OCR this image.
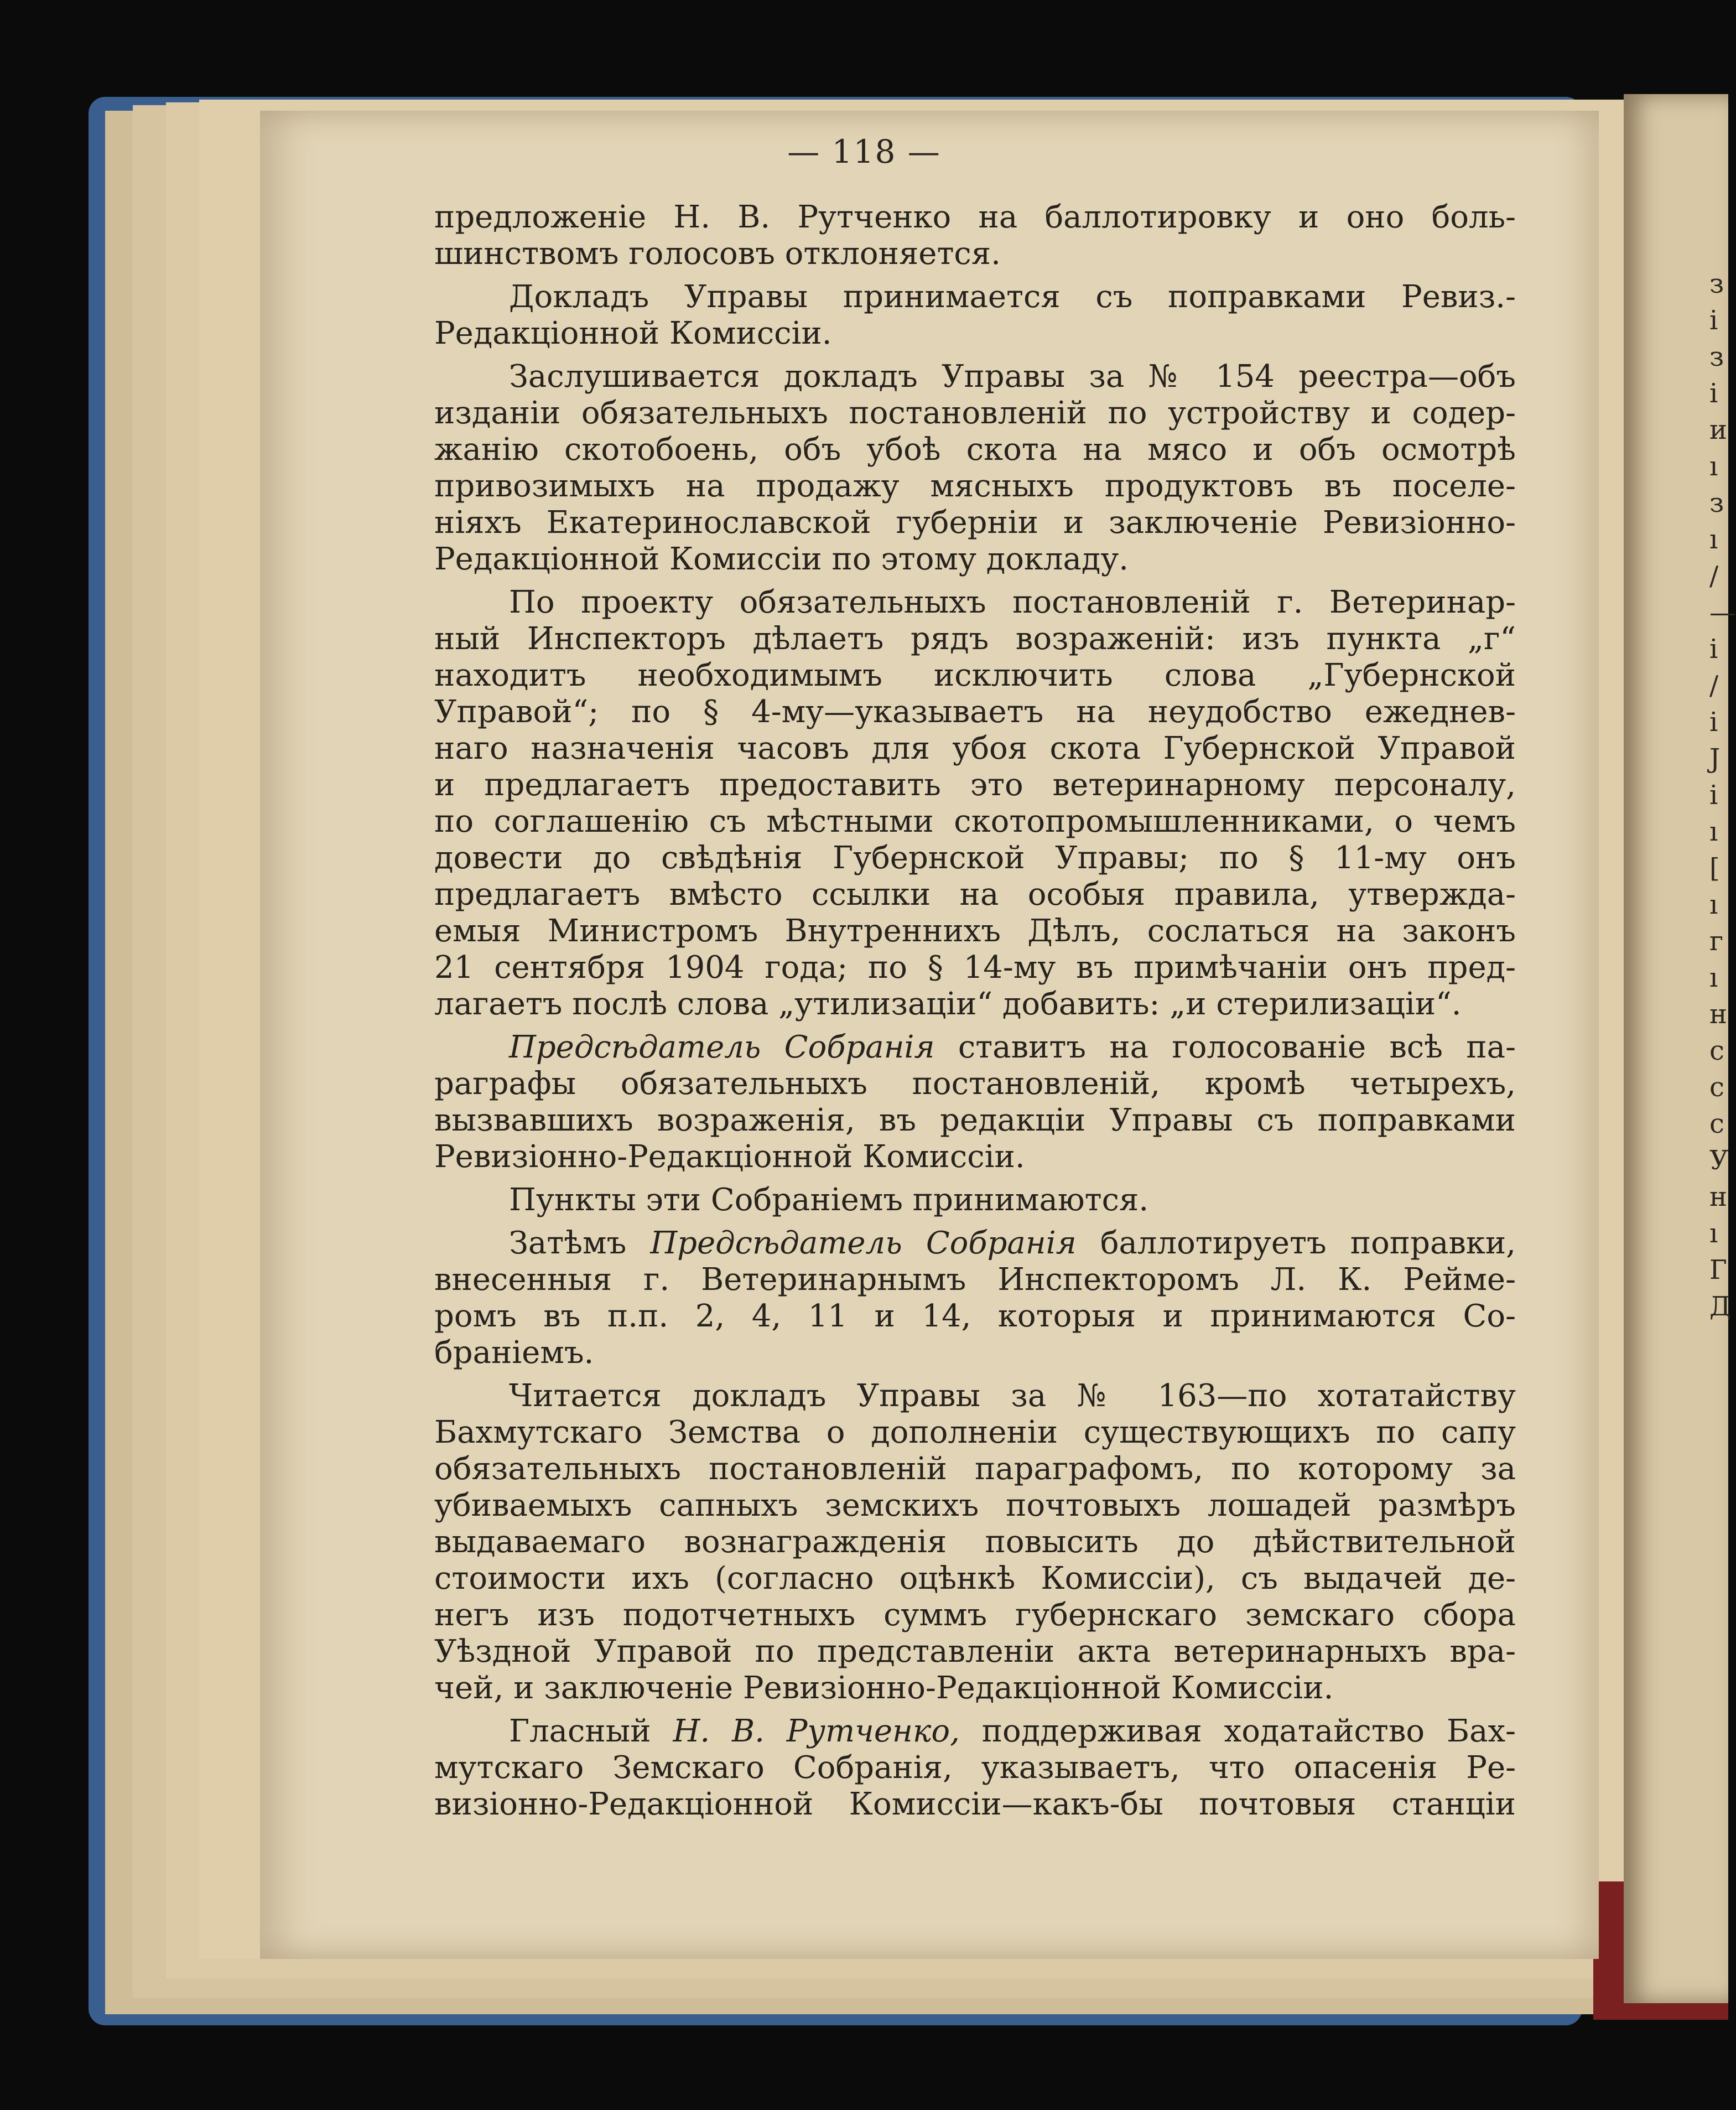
з
і
з
і
и
ı
з
ı
/
—
і
/
і
J
і
ı
[
ı
г
ı
н
с
с
с
У
н
ı
Г
Д
— 118 —
предложеніе Н. В. Рутченко на баллотировку и оно боль-
шинствомъ голосовъ отклоняется.
Докладъ Управы принимается съ поправками Ревиз.-
Редакціонной Комиссіи.
Заслушивается докладъ Управы за № 154 реестра—объ
изданіи обязательныхъ постановленій по устройству и содер-
жанію скотобоень, объ убоѣ скота на мясо и объ осмотрѣ
привозимыхъ на продажу мясныхъ продуктовъ въ поселе-
ніяхъ Екатеринославской губерніи и заключеніе Ревизіонно-
Редакціонной Комиссіи по этому докладу.
По проекту обязательныхъ постановленій г. Ветеринар-
ный Инспекторъ дѣлаетъ рядъ возраженій: изъ пункта „г“
находитъ необходимымъ исключить слова „Губернской
Управой“; по § 4-му—указываетъ на неудобство ежеднев-
наго назначенія часовъ для убоя скота Губернской Управой
и предлагаетъ предоставить это ветеринарному персоналу,
по соглашенію съ мѣстными скотопромышленниками, о чемъ
довести до свѣдѣнія Губернской Управы; по § 11-му онъ
предлагаетъ вмѣсто ссылки на особыя правила, утвержда-
емыя Министромъ Внутреннихъ Дѣлъ, сослаться на законъ
21 сентября 1904 года; по § 14-му въ примѣчаніи онъ пред-
лагаетъ послѣ слова „утилизаціи“ добавить: „и стерилизаціи“.
Предсѣдатель Собранія ставитъ на голосованіе всѣ па-
раграфы обязательныхъ постановленій, кромѣ четырехъ,
вызвавшихъ возраженія, въ редакціи Управы съ поправками
Ревизіонно-Редакціонной Комиссіи.
Пункты эти Собраніемъ принимаются.
Затѣмъ Предсѣдатель Собранія баллотируетъ поправки,
внесенныя г. Ветеринарнымъ Инспекторомъ Л. К. Рейме-
ромъ въ п.п. 2, 4, 11 и 14, которыя и принимаются Со-
браніемъ.
Читается докладъ Управы за № 163—по хотатайству
Бахмутскаго Земства о дополненіи существующихъ по сапу
обязательныхъ постановленій параграфомъ, по которому за
убиваемыхъ сапныхъ земскихъ почтовыхъ лошадей размѣръ
выдаваемаго вознагражденія повысить до дѣйствительной
стоимости ихъ (согласно оцѣнкѣ Комиссіи), съ выдачей де-
негъ изъ подотчетныхъ суммъ губернскаго земскаго сбора
Уѣздной Управой по представленіи акта ветеринарныхъ вра-
чей, и заключеніе Ревизіонно-Редакціонной Комиссіи.
Гласный Н. В. Рутченко, поддерживая ходатайство Бах-
мутскаго Земскаго Собранія, указываетъ, что опасенія Ре-
визіонно-Редакціонной Комиссіи—какъ-бы почтовыя станціи
